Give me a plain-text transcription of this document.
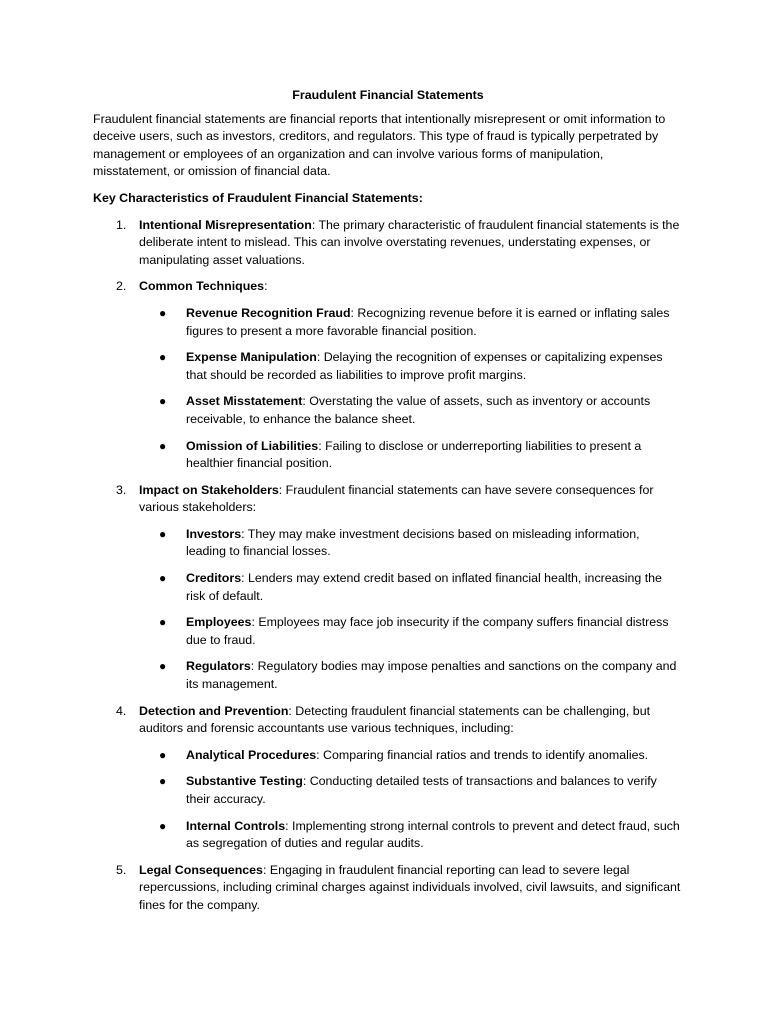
Fraudulent Financial Statements
Fraudulent financial statements are financial reports that intentionally misrepresent or omit information to deceive users, such as investors, creditors, and regulators. This type of fraud is typically perpetrated by management or employees of an organization and can involve various forms of manipulation, misstatement, or omission of financial data.
Key Characteristics of Fraudulent Financial Statements:
1. Intentional Misrepresentation: The primary characteristic of fraudulent financial statements is the deliberate intent to mislead. This can involve overstating revenues, understating expenses, or manipulating asset valuations.
2. Common Techniques:
● Revenue Recognition Fraud: Recognizing revenue before it is earned or inflating sales figures to present a more favorable financial position.
● Expense Manipulation: Delaying the recognition of expenses or capitalizing expenses that should be recorded as liabilities to improve profit margins.
● Asset Misstatement: Overstating the value of assets, such as inventory or accounts receivable, to enhance the balance sheet.
● Omission of Liabilities: Failing to disclose or underreporting liabilities to present a healthier financial position.
3. Impact on Stakeholders: Fraudulent financial statements can have severe consequences for various stakeholders:
● Investors: They may make investment decisions based on misleading information, leading to financial losses.
● Creditors: Lenders may extend credit based on inflated financial health, increasing the risk of default.
● Employees: Employees may face job insecurity if the company suffers financial distress due to fraud.
● Regulators: Regulatory bodies may impose penalties and sanctions on the company and its management.
4. Detection and Prevention: Detecting fraudulent financial statements can be challenging, but auditors and forensic accountants use various techniques, including:
● Analytical Procedures: Comparing financial ratios and trends to identify anomalies.
● Substantive Testing: Conducting detailed tests of transactions and balances to verify their accuracy.
● Internal Controls: Implementing strong internal controls to prevent and detect fraud, such as segregation of duties and regular audits.
5. Legal Consequences: Engaging in fraudulent financial reporting can lead to severe legal repercussions, including criminal charges against individuals involved, civil lawsuits, and significant fines for the company.
